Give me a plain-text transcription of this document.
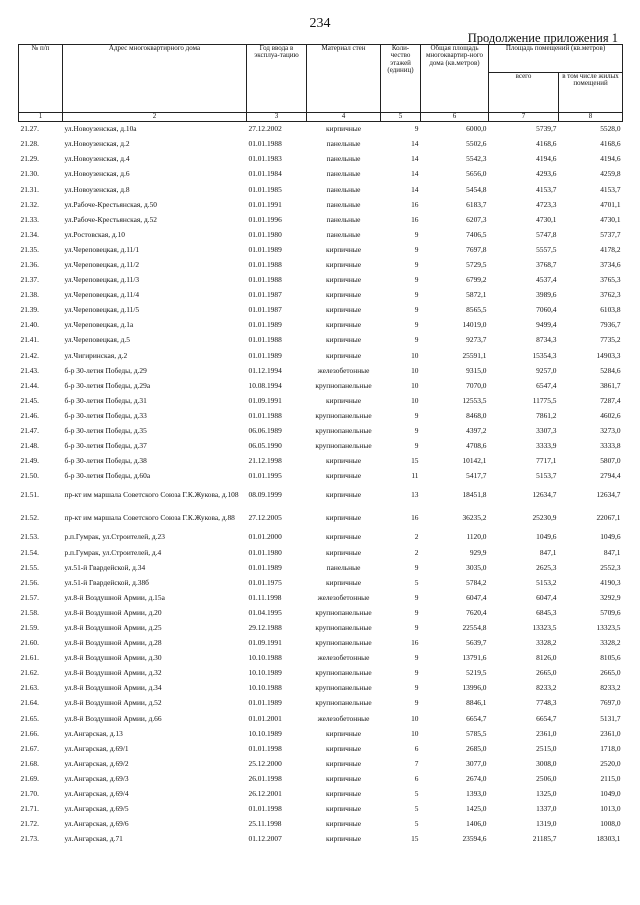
234
Продолжение приложения 1
№ п/п	Адрес многоквартирного дома	Год ввода в эксплуа-тацию	Материал стен	Коли-чество этажей (единиц)	Общая площадь многоквартир-ного дома (кв.метров)	Площадь помещений (кв.метров)	
						всего	в том числе жилых помещений
1	2	3	4	5	6	7	8
21.27.	ул.Новоузенская, д.10а	27.12.2002	кирпичные	9	6000,0	5739,7	5528,0
21.28.	ул.Новоузенская, д.2	01.01.1988	панельные	14	5502,6	4168,6	4168,6
21.29.	ул.Новоузенская, д.4	01.01.1983	панельные	14	5542,3	4194,6	4194,6
21.30.	ул.Новоузенская, д.6	01.01.1984	панельные	14	5656,0	4293,6	4259,8
21.31.	ул.Новоузенская, д.8	01.01.1985	панельные	14	5454,8	4153,7	4153,7
21.32.	ул.Рабоче-Крестьянская, д.50	01.01.1991	панельные	16	6183,7	4723,3	4701,1
21.33.	ул.Рабоче-Крестьянская, д.52	01.01.1996	панельные	16	6207,3	4730,1	4730,1
21.34.	ул.Ростовская, д.10	01.01.1980	панельные	9	7406,5	5747,8	5737,7
21.35.	ул.Череповецкая, д.11/1	01.01.1989	кирпичные	9	7697,8	5557,5	4178,2
21.36.	ул.Череповецкая, д.11/2	01.01.1988	кирпичные	9	5729,5	3768,7	3734,6
21.37.	ул.Череповецкая, д.11/3	01.01.1988	кирпичные	9	6799,2	4537,4	3765,3
21.38.	ул.Череповецкая, д.11/4	01.01.1987	кирпичные	9	5872,1	3989,6	3762,3
21.39.	ул.Череповецкая, д.11/5	01.01.1987	кирпичные	9	8565,5	7060,4	6103,8
21.40.	ул.Череповецкая, д.1а	01.01.1989	кирпичные	9	14019,0	9499,4	7936,7
21.41.	ул.Череповецкая, д.5	01.01.1988	кирпичные	9	9273,7	8734,3	7735,2
21.42.	ул.Чигиринская, д.2	01.01.1989	кирпичные	10	25591,1	15354,3	14903,3
21.43.	б-р 30-летия Победы, д.29	01.12.1994	железобетонные	10	9315,0	9257,0	5284,6
21.44.	б-р 30-летия Победы, д.29а	10.08.1994	крупнопанельные	10	7070,0	6547,4	3861,7
21.45.	б-р 30-летия Победы, д.31	01.09.1991	кирпичные	10	12553,5	11775,5	7287,4
21.46.	б-р 30-летия Победы, д.33	01.01.1988	крупнопанельные	9	8468,0	7861,2	4602,6
21.47.	б-р 30-летия Победы, д.35	06.06.1989	крупнопанельные	9	4397,2	3307,3	3273,0
21.48.	б-р 30-летия Победы, д.37	06.05.1990	крупнопанельные	9	4708,6	3333,9	3333,8
21.49.	б-р 30-летия Победы, д.38	21.12.1998	кирпичные	15	10142,1	7717,1	5807,0
21.50.	б-р 30-летия Победы, д.60а	01.01.1995	кирпичные	11	5417,7	5153,7	2794,4
21.51.	пр-кт им маршала Советского Союза Г.К.Жукова, д.108	08.09.1999	кирпичные	13	18451,8	12634,7	12634,7
21.52.	пр-кт им маршала Советского Союза Г.К.Жукова, д.88	27.12.2005	кирпичные	16	36235,2	25230,9	22067,1
21.53.	р.п.Гумрак, ул.Строителей, д.23	01.01.2000	кирпичные	2	1120,0	1049,6	1049,6
21.54.	р.п.Гумрак, ул.Строителей, д.4	01.01.1980	кирпичные	2	929,9	847,1	847,1
21.55.	ул.51-й Гвардейской, д.34	01.01.1989	панельные	9	3035,0	2625,3	2552,3
21.56.	ул.51-й Гвардейской, д.38б	01.01.1975	кирпичные	5	5784,2	5153,2	4190,3
21.57.	ул.8-й Воздушной Армии, д.15а	01.11.1998	железобетонные	9	6047,4	6047,4	3292,9
21.58.	ул.8-й Воздушной Армии, д.20	01.04.1995	крупнопанельные	9	7620,4	6845,3	5709,6
21.59.	ул.8-й Воздушной Армии, д.25	29.12.1988	крупнопанельные	9	22554,8	13323,5	13323,5
21.60.	ул.8-й Воздушной Армии, д.28	01.09.1991	крупнопанельные	16	5639,7	3328,2	3328,2
21.61.	ул.8-й Воздушной Армии, д.30	10.10.1988	железобетонные	9	13791,6	8126,0	8105,6
21.62.	ул.8-й Воздушной Армии, д.32	10.10.1989	крупнопанельные	9	5219,5	2665,0	2665,0
21.63.	ул.8-й Воздушной Армии, д.34	10.10.1988	крупнопанельные	9	13996,0	8233,2	8233,2
21.64.	ул.8-й Воздушной Армии, д.52	01.01.1989	крупнопанельные	9	8846,1	7748,3	7697,0
21.65.	ул.8-й Воздушной Армии, д.66	01.01.2001	железобетонные	10	6654,7	6654,7	5131,7
21.66.	ул.Ангарская, д.13	10.10.1989	кирпичные	10	5785,5	2361,0	2361,0
21.67.	ул.Ангарская, д.69/1	01.01.1998	кирпичные	6	2685,0	2515,0	1718,0
21.68.	ул.Ангарская, д.69/2	25.12.2000	кирпичные	7	3077,0	3008,0	2520,0
21.69.	ул.Ангарская, д.69/3	26.01.1998	кирпичные	6	2674,0	2506,0	2115,0
21.70.	ул.Ангарская, д.69/4	26.12.2001	кирпичные	5	1393,0	1325,0	1049,0
21.71.	ул.Ангарская, д.69/5	01.01.1998	кирпичные	5	1425,0	1337,0	1013,0
21.72.	ул.Ангарская, д.69/6	25.11.1998	кирпичные	5	1406,0	1319,0	1008,0
21.73.	ул.Ангарская, д.71	01.12.2007	кирпичные	15	23594,6	21185,7	18303,1
